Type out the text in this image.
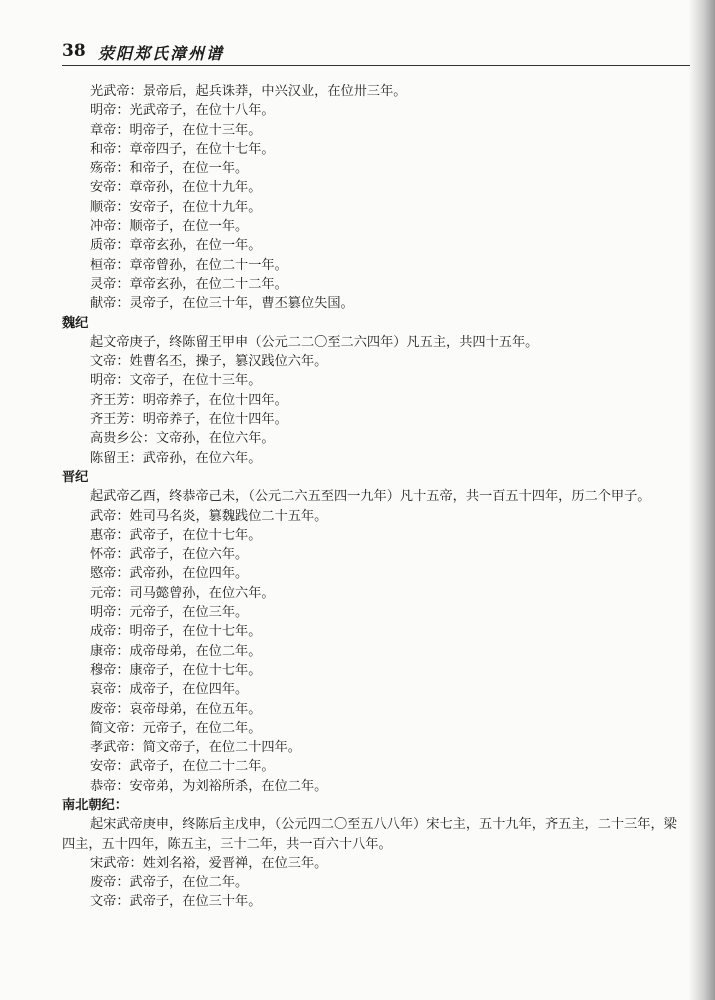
38 荥阳郑氏漳州谱
光武帝：景帝后，起兵诛莽，中兴汉业，在位卅三年。
明帝：光武帝子，在位十八年。
章帝：明帝子，在位十三年。
和帝：章帝四子，在位十七年。
殇帝：和帝子，在位一年。
安帝：章帝孙，在位十九年。
顺帝：安帝子，在位十九年。
冲帝：顺帝子，在位一年。
质帝：章帝玄孙，在位一年。
桓帝：章帝曾孙，在位二十一年。
灵帝：章帝玄孙，在位二十二年。
献帝：灵帝子，在位三十年，曹丕篡位失国。
魏纪
起文帝庚子，终陈留王甲申（公元二二〇至二六四年）凡五主，共四十五年。
文帝：姓曹名丕，操子，篡汉践位六年。
明帝：文帝子，在位十三年。
齐王芳：明帝养子，在位十四年。
齐王芳：明帝养子，在位十四年。
高贵乡公：文帝孙，在位六年。
陈留王：武帝孙，在位六年。
晋纪
起武帝乙酉，终恭帝己未，（公元二六五至四一九年）凡十五帝，共一百五十四年，历二个甲子。
武帝：姓司马名炎，篡魏践位二十五年。
惠帝：武帝子，在位十七年。
怀帝：武帝子，在位六年。
愍帝：武帝孙，在位四年。
元帝：司马懿曾孙，在位六年。
明帝：元帝子，在位三年。
成帝：明帝子，在位十七年。
康帝：成帝母弟，在位二年。
穆帝：康帝子，在位十七年。
哀帝：成帝子，在位四年。
废帝：哀帝母弟，在位五年。
简文帝：元帝子，在位二年。
孝武帝：简文帝子，在位二十四年。
安帝：武帝子，在位二十二年。
恭帝：安帝弟，为刘裕所杀，在位二年。
南北朝纪：
起宋武帝庚申，终陈后主戊申，（公元四二〇至五八八年）宋七主，五十九年，齐五主，二十三年，梁
四主，五十四年，陈五主，三十二年，共一百六十八年。
宋武帝：姓刘名裕，爱晋禅，在位三年。
废帝：武帝子，在位二年。
文帝：武帝子，在位三十年。
